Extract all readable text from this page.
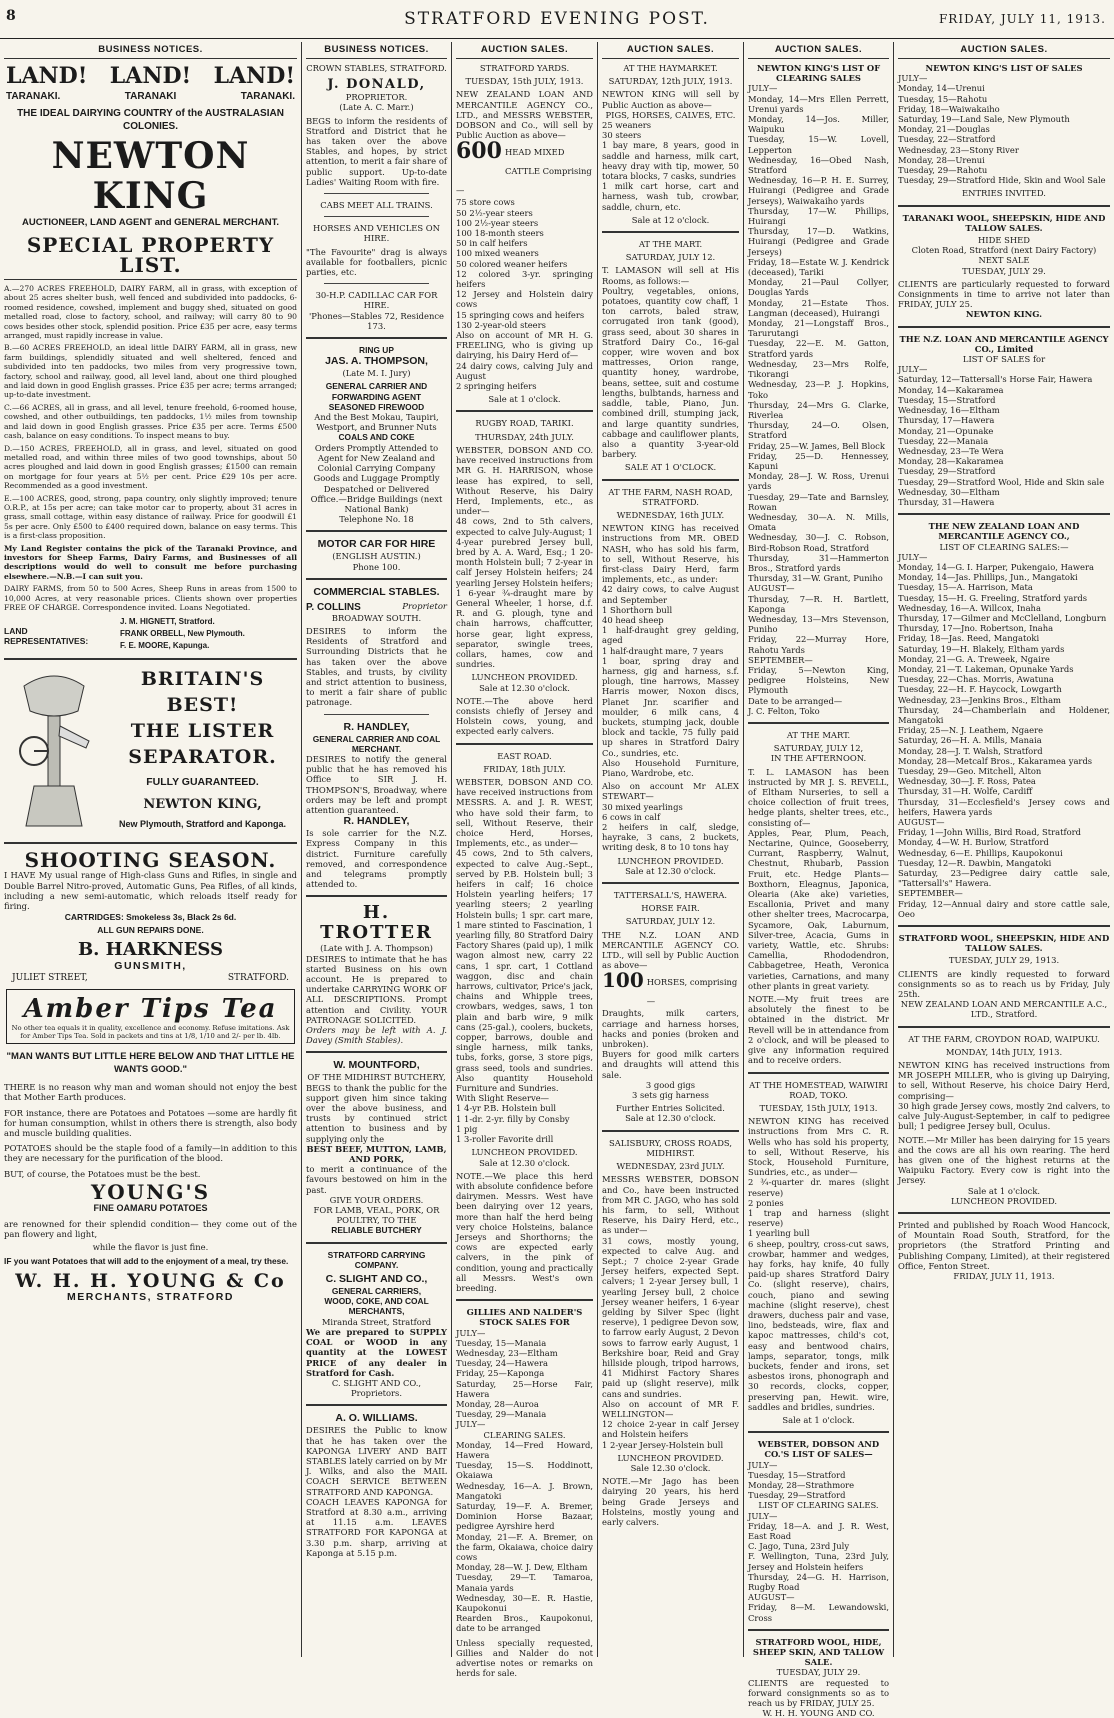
8	STRATFORD EVENING POST.	FRIDAY, JULY 11, 1913.
BUSINESS NOTICES.
LAND! LAND! LAND!
TARANAKI.	TARANAKI	TARANAKI.
THE IDEAL DAIRYING COUNTRY of the AUSTRALASIAN COLONIES.
NEWTON KING
AUCTIONEER, LAND AGENT and GENERAL MERCHANT.
SPECIAL PROPERTY LIST.

A.—270 ACRES FREEHOLD, DAIRY FARM, all in grass, with exception of about 25 acres shelter bush, well fenced and subdivided into paddocks, 6-roomed residence, cowshed, implement and buggy shed, situated on good metalled road, close to factory, school, and railway; will carry 80 to 90 cows besides other stock, splendid position. Price £35 per acre, easy terms arranged, must rapidly increase in value.

B.—60 ACRES FREEHOLD, an ideal little DAIRY FARM, all in grass, new farm buildings, splendidly situated and well sheltered, fenced and subdivided into ten paddocks, two miles from very progressive town, factory, school and railway, good, all level land, about one third ploughed and laid down in good English grasses. Price £35 per acre; terms arranged; up-to-date investment.

C.—66 ACRES, all in grass, and all level, tenure freehold, 6-roomed house, cowshed, and other outbuildings, ten paddocks, 1½ miles from township and laid down in good English grasses. Price £35 per acre. Terms £500 cash, balance on easy conditions. To inspect means to buy.

D.—150 ACRES, FREEHOLD, all in grass, and level, situated on good metalled road, and within three miles of two good townships, about 50 acres ploughed and laid down in good English grasses; £1500 can remain on mortgage for four years at 5½ per cent. Price £29 10s per acre. Recommended as a good investment.

E.—100 ACRES, good, strong, papa country, only slightly improved; tenure O.R.P., at 15s per acre; can take motor car to property, about 31 acres in grass, small cottage, within easy distance of railway. Price for goodwill £1 5s per acre. Only £500 to £400 required down, balance on easy terms. This is a first-class proposition.

My Land Register contains the pick of the Taranaki Province, and investors for Sheep Farms, Dairy Farms, and Businesses of all descriptions would do well to consult me before purchasing elsewhere.—N.B.—I can suit you.

DAIRY FARMS, from 50 to 500 Acres, Sheep Runs in areas from 1500 to 10,000 Acres, at very reasonable prices. Clients shown over properties FREE OF CHARGE. Correspondence invited. Loans Negotiated.

LAND REPRESENTATIVES:
J. M. HIGNETT, Stratford.
FRANK ORBELL, New Plymouth.
F. E. MOORE, Kapunga.
BRITAIN'S
BEST!
THE LISTER
SEPARATOR.
FULLY GUARANTEED.
NEWTON KING,
New Plymouth, Stratford and Kaponga.
SHOOTING SEASON.

I HAVE My usual range of High-class Guns and Rifles, in single and Double Barrel Nitro-proved, Automatic Guns, Pea Rifles, of all kinds, including a new semi-automatic, which reloads itself ready for firing.

CARTRIDGES: Smokeless 3s, Black 2s 6d.
ALL GUN REPAIRS DONE.
B. HARKNESS
GUNSMITH,
JULIET STREET,	STRATFORD.
Amber Tips Tea
No other tea equals it in quality, excellence and economy. Refuse imitations. Ask for Amber Tips Tea. Sold in packets and tins at 1/8, 1/10 and 2/- per lb. 4lb.
"MAN WANTS BUT LITTLE HERE BELOW AND THAT LITTLE HE WANTS GOOD."

THERE is no reason why man and woman should not enjoy the best that Mother Earth produces.

FOR instance, there are Potatoes and Potatoes —some are hardly fit for human consumption, whilst in others there is strength, also body and muscle building qualities.

POTATOES should be the staple food of a family—in addition to this they are necessary for the purification of the blood.

BUT, of course, the Potatoes must be the best.

YOUNG'S
FINE OAMARU POTATOES

are renowned for their splendid condition— they come out of the pan flowery and light,

while the flavor is just fine.

IF you want Potatoes that will add to the enjoyment of a meal, try these.

W. H. H. YOUNG & Co
MERCHANTS, STRATFORD
BUSINESS NOTICES.
CROWN STABLES, STRATFORD.
J. DONALD,
PROPRIETOR.
(Late A. C. Marr.)

BEGS to inform the residents of Stratford and District that he has taken over the above Stables, and hopes, by strict attention, to merit a fair share of public support. Up-to-date Ladies' Waiting Room with fire.

CABS MEET ALL TRAINS.
HORSES AND VEHICLES ON HIRE.

"The Favourite" drag is always available for footballers, picnic parties, etc.

30-H.P. CADILLAC CAR FOR HIRE.
'Phones—Stables 72, Residence 173.
RING UP
JAS. A. THOMPSON,
(Late M. I. Jury)
GENERAL CARRIER AND FORWARDING AGENT
SEASONED FIREWOOD
And the Best Mokau, Taupiri, Westport, and Brunner Nuts
COALS AND COKE
Orders Promptly Attended to
Agent for New Zealand and Colonial Carrying Company
Goods and Luggage Promptly Despatched or Delivered
Office.—Bridge Buildings (next National Bank)
Telephone No. 18
MOTOR CAR FOR HIRE
(ENGLISH AUSTIN.)
Phone 100.
COMMERCIAL STABLES.
P. COLLINS	Proprietor
BROADWAY SOUTH.

DESIRES to inform the Residents of Stratford and Surrounding Districts that he has taken over the above Stables, and trusts, by civility and strict attention to business, to merit a fair share of public patronage.

R. HANDLEY,
GENERAL CARRIER AND COAL MERCHANT.

DESIRES to notify the general public that he has removed his Office to SIR J. H. THOMPSON'S, Broadway, where orders may be left and prompt attention guaranteed.

R. HANDLEY,

Is sole carrier for the N.Z. Express Company in this district. Furniture carefully removed, and correspondence and telegrams promptly attended to.

H. TROTTER
(Late with J. A. Thompson)

DESIRES to intimate that he has started Business on his own account. He is prepared to undertake CARRYING WORK OF ALL DESCRIPTIONS. Prompt attention and Civility. YOUR PATRONAGE SOLICITED.

Orders may be left with A. J. Davey (Smith Stables).

W. MOUNTFORD,
OF THE MIDHIRST BUTCHERY,

BEGS to thank the public for the support given him since taking over the above business, and trusts by continued strict attention to business and by supplying only the

BEST BEEF, MUTTON, LAMB, AND PORK,

to merit a continuance of the favours bestowed on him in the past.

GIVE YOUR ORDERS.
FOR LAMB, VEAL, PORK, OR POULTRY, TO THE
RELIABLE BUTCHERY
STRATFORD CARRYING COMPANY.
C. SLIGHT AND CO.,
GENERAL CARRIERS,
WOOD, COKE, AND COAL MERCHANTS,
Miranda Street, Stratford

We are prepared to SUPPLY COAL or WOOD in any quantity at the LOWEST PRICE of any dealer in Stratford for Cash.

C. SLIGHT AND CO., Proprietors.
A. O. WILLIAMS.

DESIRES the Public to know that he has taken over the KAPONGA LIVERY AND BAIT STABLES lately carried on by Mr J. Wilks, and also the MAIL COACH SERVICE BETWEEN STRATFORD AND KAPONGA.

COACH LEAVES KAPONGA for Stratford at 8.30 a.m., arriving at 11.15 a.m. LEAVES STRATFORD FOR KAPONGA at 3.30 p.m. sharp, arriving at Kaponga at 5.15 p.m.

AUCTION SALES.
STRATFORD YARDS.
TUESDAY, 15th JULY, 1913.

NEW ZEALAND LOAN AND MERCANTILE AGENCY CO., LTD., and MESSRS WEBSTER, DOBSON and Co., will sell by Public Auction as above—

600 HEAD MIXED CATTLE Comprising—
75 store cows
50 2½-year steers
100 2½-year steers
100 18-month steers
50 in calf heifers
100 mixed weaners
50 colored weaner heifers
12 colored 3-yr. springing heifers
12 Jersey and Holstein dairy cows
15 springing cows and heifers
130 2-year-old steers

Also on account of MR H. G. FREELING, who is giving up dairying, his Dairy Herd of—

24 dairy cows, calving July and August
2 springing heifers
Sale at 1 o'clock.
RUGBY ROAD, TARIKI.
THURSDAY, 24th JULY.

WEBSTER, DOBSON AND CO. have received instructions from MR G. H. HARRISON, whose lease has expired, to sell, Without Reserve, his Dairy Herd, Implements, etc., as under—

48 cows, 2nd to 5th calvers, expected to calve July-August; 1 4-year purebred Jersey bull, bred by A. A. Ward, Esq.; 1 20-month Holstein bull; 7 2-year in calf Jersey Holstein heifers; 24 yearling Jersey Holstein heifers; 1 6-year ¾-draught mare by General Wheeler, 1 horse, d.f. R. and G. plough, tyne and chain harrows, chaffcutter, horse gear, light express, separator, swingle trees, collars, hames, cow and sundries.

LUNCHEON PROVIDED.
Sale at 12.30 o'clock.

NOTE.—The above herd consists chiefly of Jersey and Holstein cows, young, and expected early calvers.

EAST ROAD.
FRIDAY, 18th JULY.

WEBSTER, DOBSON AND CO. have received instructions from MESSRS. A. and J. R. WEST, who have sold their farm, to sell, Without Reserve, their choice Herd, Horses, Implements, etc., as under—

45 cows, 2nd to 5th calvers, expected to calve Aug.-Sept., served by P.B. Holstein bull; 3 heifers in calf; 16 choice Holstein yearling heifers; 17 yearling steers; 2 yearling Holstein bulls; 1 spr. cart mare, 1 mare stinted to Fascination, 1 yearling filly, 80 Stratford Dairy Factory Shares (paid up), 1 milk wagon almost new, carry 22 cans, 1 spr. cart, 1 Cottland waggon, disc and chain harrows, cultivator, Price's jack, chains and Whipple trees, crowbars, wedges, saws, 1 ton plain and barb wire, 9 milk cans (25-gal.), coolers, buckets, copper, barrows, double and single harness, milk tanks, tubs, forks, gorse, 3 store pigs, grass seed, tools and sundries. Also quantity Household Furniture and Sundries.

With Slight Reserve—
1 4-yr P.B. Holstein bull
1 1-dr. 2-yr. filly by Consby
1 pig
1 3-roller Favorite drill
LUNCHEON PROVIDED.
Sale at 12.30 o'clock.

NOTE.—We place this herd with absolute confidence before dairymen. Messrs. West have been dairying over 12 years, more than half the herd being very choice Holsteins, balance Jerseys and Shorthorns; the cows are expected early calvers, in the pink of condition, young and practically all Messrs. West's own breeding.

GILLIES AND NALDER'S STOCK SALES FOR
JULY—
Tuesday, 15—Manaia
Wednesday, 23—Eltham
Tuesday, 24—Hawera
Friday, 25—Kaponga
Saturday, 25—Horse Fair, Hawera
Monday, 28—Auroa
Tuesday, 29—Manaia
JULY—
CLEARING SALES.
Monday, 14—Fred Howard, Hawera
Tuesday, 15—S. Hoddinott, Okaiawa
Wednesday, 16—A. J. Brown, Mangatoki
Saturday, 19—F. A. Bremer, Dominion Horse Bazaar, pedigree Ayrshire herd
Monday, 21—F. A. Bremer, on the farm, Okaiawa, choice dairy cows
Monday, 28—W. J. Dew, Eltham
Tuesday, 29—T. Tamaroa, Manaia yards
Wednesday, 30—E. R. Hastie, Kaupokonui
Rearden Bros., Kaupokonui, date to be arranged

Unless specially requested, Gillies and Nalder do not advertise notes or remarks on herds for sale.

AUCTION SALES.
AT THE HAYMARKET.
SATURDAY, 12th JULY, 1913.

NEWTON KING will sell by Public Auction as above—

PIGS, HORSES, CALVES, ETC.
25 weaners
30 steers
1 bay mare, 8 years, good in saddle and harness, milk cart, heavy dray with tip, mower, 50 totara blocks, 7 casks, sundries
1 milk cart horse, cart and harness, wash tub, crowbar, saddle, churn, etc.
Sale at 12 o'clock.
AT THE MART.
SATURDAY, JULY 12.

T. LAMASON will sell at His Rooms, as follows:—

Poultry, vegetables, onions, potatoes, quantity cow chaff, 1 ton carrots, baled straw, corrugated iron tank (good), grass seed, about 30 shares in Stratford Dairy Co., 16-gal copper, wire woven and box mattresses, Orion range, quantity honey, wardrobe, beans, settee, suit and costume lengths, bulbtands, harness and saddle, table, Piano, Jun. combined drill, stumping jack, and large quantity sundries, cabbage and cauliflower plants, also a quantity 3-year-old barbery.

SALE AT 1 O'CLOCK.
AT THE FARM, NASH ROAD, STRATFORD.
WEDNESDAY, 16th JULY.

NEWTON KING has received instructions from MR. OBED NASH, who has sold his farm, to sell, Without Reserve, his first-class Dairy Herd, farm implements, etc., as under:

42 dairy cows, to calve August and September
1 Shorthorn bull
40 head sheep
1 half-draught grey gelding, aged
1 half-draught mare, 7 years
1 boar, spring dray and harness, gig and harness, s.f. plough, tine harrows, Massey Harris mower, Noxon discs, Planet Jnr. scarifier and moulder, 6 milk cans, 4 buckets, stumping jack, double block and tackle, 75 fully paid up shares in Stratford Dairy Co., sundries, etc.
Also Household Furniture, Piano, Wardrobe, etc.
Also on account Mr ALEX STEWART—
30 mixed yearlings
6 cows in calf
2 heifers in calf, sledge, hayrake, 3 cans, 2 buckets, writing desk, 8 to 10 tons hay
LUNCHEON PROVIDED.
Sale at 12.30 o'clock.
TATTERSALL'S, HAWERA.
HORSE FAIR.
SATURDAY, JULY 12.

THE N.Z. LOAN AND MERCANTILE AGENCY CO. LTD., will sell by Public Auction as above—

100 HORSES, comprising—

Draughts, milk carters, carriage and harness horses, hacks and ponies (broken and unbroken).

Buyers for good milk carters and draughts will attend this sale.

3 good gigs
3 sets gig harness
Further Entries Solicited.
Sale at 12.30 o'clock.
SALISBURY, CROSS ROADS, MIDHIRST.
WEDNESDAY, 23rd JULY.

MESSRS WEBSTER, DOBSON and Co., have been instructed from MR C. JAGO, who has sold his farm, to sell, Without Reserve, his Dairy Herd, etc., as under—

31 cows, mostly young, expected to calve Aug. and Sept.; 7 choice 2-year Grade Jersey heifers, expected Sept. calvers; 1 2-year Jersey bull, 1 yearling Jersey bull, 2 choice Jersey weaner heifers, 1 6-year gelding by Silver Spec (light reserve), 1 pedigree Devon sow, to farrow early August, 2 Devon sows to farrow early August, 1 Berkshire boar, Reid and Gray hillside plough, tripod harrows, 41 Midhirst Factory Shares paid up (slight reserve), milk cans and sundries.

Also on account of MR F. WELLINGTON—
12 choice 2-year in calf Jersey and Holstein heifers
1 2-year Jersey-Holstein bull
LUNCHEON PROVIDED.
Sale 12.30 o'clock.

NOTE.—Mr Jago has been dairying 20 years, his herd being Grade Jerseys and Holsteins, mostly young and early calvers.

AUCTION SALES.
NEWTON KING'S LIST OF CLEARING SALES
JULY—
Monday, 14—Mrs Ellen Perrett, Urenui yards
Monday, 14—Jos. Miller, Waipuku
Tuesday, 15—W. Lovell, Lepperton
Wednesday, 16—Obed Nash, Stratford
Wednesday, 16—P. H. E. Surrey, Huirangi (Pedigree and Grade Jerseys), Waiwakaiho yards
Thursday, 17—W. Phillips, Huirangi
Thursday, 17—D. Watkins, Huirangi (Pedigree and Grade Jerseys)
Friday, 18—Estate W. J. Kendrick (deceased), Tariki
Monday, 21—Paul Collyer, Douglas Yards
Monday, 21—Estate Thos. Langman (deceased), Huirangi
Monday, 21—Longstaff Bros., Tarurutangi
Tuesday, 22—E. M. Gatton, Stratford yards
Wednesday, 23—Mrs Rolfe, Tikorangi
Wednesday, 23—P. J. Hopkins, Toko
Thursday, 24—Mrs G. Clarke, Riverlea
Thursday, 24—O. Olsen, Stratford
Friday, 25—W. James, Bell Block
Friday, 25—D. Hennessey, Kapuni
Monday, 28—J. W. Ross, Urenui yards
Tuesday, 29—Tate and Barnsley, Rowan
Wednesday, 30—A. N. Mills, Omata
Wednesday, 30—J. C. Robson, Bird-Robson Road, Stratford
Thursday, 31—Hammerton Bros., Stratford yards
Thursday, 31—W. Grant, Puniho
AUGUST—
Thursday, 7—R. H. Bartlett, Kaponga
Wednesday, 13—Mrs Stevenson, Puniho
Friday, 22—Murray Hore, Rahotu Yards
SEPTEMBER—
Friday, 5—Newton King, pedigree Holsteins, New Plymouth
Date to be arranged—
J. C. Felton, Toko
AT THE MART.
SATURDAY, JULY 12,
IN THE AFTERNOON.

T. L. LAMASON has been instructed by MR J. S. REVELL, of Eltham Nurseries, to sell a choice collection of fruit trees, hedge plants, shelter trees, etc., consisting of—

Apples, Pear, Plum, Peach, Nectarine, Quince, Gooseberry, Currant, Raspberry, Walnut, Chestnut, Rhubarb, Passion Fruit, etc. Hedge Plants—Boxthorn, Eleagnus, Japonica, Olearia (Ake ake) varieties, Escallonia, Privet and many other shelter trees, Macrocarpa, Sycamore, Oak, Laburnum, Silver-tree, Acacia, Gums in variety, Wattle, etc. Shrubs: Camellia, Rhododendron, Cabbagetree, Heath, Veronica varieties, Carnations, and many other plants in great variety.

NOTE.—My fruit trees are absolutely the finest to be obtained in the district. Mr Revell will be in attendance from 2 o'clock, and will be pleased to give any information required and to receive orders.

AT THE HOMESTEAD, WAIWIRI ROAD, TOKO.
TUESDAY, 15th JULY, 1913.

NEWTON KING has received instructions from Mrs C. R. Wells who has sold his property, to sell, Without Reserve, his Stock, Household Furniture, Sundries, etc., as under—

2 ¾-quarter dr. mares (slight reserve)
2 ponies
1 trap and harness (slight reserve)
1 yearling bull
6 sheep, poultry, cross-cut saws, crowbar, hammer and wedges, hay forks, hay knife, 40 fully paid-up shares Stratford Dairy Co. (slight reserve), chairs, couch, piano and sewing machine (slight reserve), chest drawers, duchess pair and vase, lino, bedsteads, wire, flax and kapoc mattresses, child's cot, easy and bentwood chairs, lamps, separator, tongs, milk buckets, fender and irons, set asbestos irons, phonograph and 30 records, clocks, copper, preserving pan, Hewit. wire, saddles and bridles, sundries.
Sale at 1 o'clock.
WEBSTER, DOBSON AND CO.'S LIST OF SALES—
JULY—
Tuesday, 15—Stratford
Monday, 28—Strathmore
Tuesday, 29—Stratford
LIST OF CLEARING SALES.
JULY—
Friday, 18—A. and J. R. West, East Road
C. Jago, Tuna, 23rd July
F. Wellington, Tuna, 23rd July, Jersey and Holstein heifers
Thursday, 24—G. H. Harrison, Rugby Road
AUGUST—
Friday, 8—M. Lewandowski, Cross
STRATFORD WOOL, HIDE, SHEEP SKIN, AND TALLOW SALE.
TUESDAY, JULY 29.

CLIENTS are requested to forward consignments so as to reach us by FRIDAY, JULY 25.

W. H. H. YOUNG AND CO.
AUCTION SALES.
NEWTON KING'S LIST OF SALES
JULY—
Monday, 14—Urenui
Tuesday, 15—Rahotu
Friday, 18—Waiwakaiho
Saturday, 19—Land Sale, New Plymouth
Monday, 21—Douglas
Tuesday, 22—Stratford
Wednesday, 23—Stony River
Monday, 28—Urenui
Tuesday, 29—Rahotu
Tuesday, 29—Stratford Hide, Skin and Wool Sale
ENTRIES INVITED.
TARANAKI WOOL, SHEEPSKIN, HIDE AND TALLOW SALES.
HIDE SHED
Cloten Road, Stratford (next Dairy Factory)
NEXT SALE
TUESDAY, JULY 29.

CLIENTS are particularly requested to forward Consignments in time to arrive not later than FRIDAY, JULY 25.

NEWTON KING.
THE N.Z. LOAN AND MERCANTILE AGENCY CO., Limited
LIST OF SALES for
JULY—
Saturday, 12—Tattersall's Horse Fair, Hawera
Monday, 14—Kakaramea
Tuesday, 15—Stratford
Wednesday, 16—Eltham
Thursday, 17—Hawera
Monday, 21—Opunake
Tuesday, 22—Manaia
Wednesday, 23—Te Wera
Monday, 28—Kakaramea
Tuesday, 29—Stratford
Tuesday, 29—Stratford Wool, Hide and Skin sale
Wednesday, 30—Eltham
Thursday, 31—Hawera
THE NEW ZEALAND LOAN AND MERCANTILE AGENCY CO.,
LIST OF CLEARING SALES:—
JULY—
Monday, 14—G. I. Harper, Pukengaio, Hawera
Monday, 14—Jas. Phillips, Jun., Mangatoki
Tuesday, 15—A. Harrison, Mata
Tuesday, 15—H. G. Freeling, Stratford yards
Wednesday, 16—A. Willcox, Inaha
Thursday, 17—Gilmer and McClelland, Longburn
Thursday, 17—Jno. Robertson, Inaha
Friday, 18—Jas. Reed, Mangatoki
Saturday, 19—H. Blakely, Eltham yards
Monday, 21—G. A. Treweek, Ngaire
Monday, 21—T. Lakeman, Opunake Yards
Tuesday, 22—Chas. Morris, Awatuna
Tuesday, 22—H. F. Haycock, Lowgarth
Wednesday, 23—Jenkins Bros., Eltham
Thursday, 24—Chamberlain and Holdener, Mangatoki
Friday, 25—N. J. Leathem, Ngaere
Saturday, 26—H. A. Mills, Manaia
Monday, 28—J. T. Walsh, Stratford
Monday, 28—Metcalf Bros., Kakaramea yards
Tuesday, 29—Geo. Mitchell, Alton
Wednesday, 30—J. F. Ross, Patea
Thursday, 31—H. Wolfe, Cardiff
Thursday, 31—Ecclesfield's Jersey cows and heifers, Hawera yards
AUGUST—
Friday, 1—John Willis, Bird Road, Stratford
Monday, 4—W. H. Burlow, Stratford
Wednesday, 6—E. Phillips, Kaupokonui
Tuesday, 12—R. Dawbin, Mangatoki
Saturday, 23—Pedigree dairy cattle sale, "Tattersall's" Hawera.
SEPTEMBER—
Friday, 12—Annual dairy and store cattle sale, Oeo
STRATFORD WOOL, SHEEPSKIN, HIDE AND TALLOW SALES.
TUESDAY, JULY 29, 1913.

CLIENTS are kindly requested to forward consignments so as to reach us by Friday, July 25th.

NEW ZEALAND LOAN AND MERCANTILE A.C., LTD., Stratford.
AT THE FARM, CROYDON ROAD, WAIPUKU.
MONDAY, 14th JULY, 1913.

NEWTON KING has received instructions from MR JOSEPH MILLER, who is giving up Dairying, to sell, Without Reserve, his choice Dairy Herd, comprising—

30 high grade Jersey cows, mostly 2nd calvers, to calve July-August-September, in calf to pedigree bull; 1 pedigree Jersey bull, Oculus.

NOTE.—Mr Miller has been dairying for 15 years and the cows are all his own rearing. The herd has given one of the highest returns at the Waipuku Factory. Every cow is right into the Jersey.

Sale at 1 o'clock.
LUNCHEON PROVIDED.

Printed and published by Roach Wood Hancock, of Mountain Road South, Stratford, for the proprietors (the Stratford Printing and Publishing Company, Limited), at their registered Office, Fenton Street.

FRIDAY, JULY 11, 1913.
